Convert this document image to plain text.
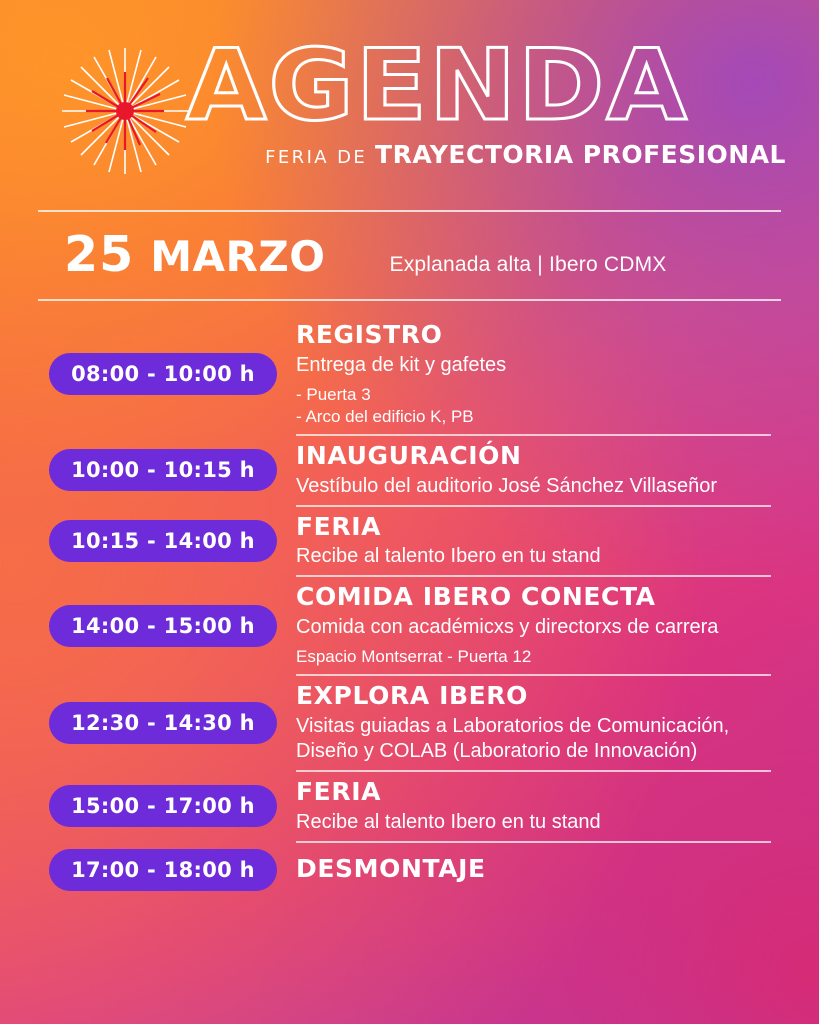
AGENDA
FERIA DE TRAYECTORIA PROFESIONAL
25 MARZO	Explanada alta | Ibero CDMX
08:00 - 10:00 h
REGISTRO
Entrega de kit y gafetes
- Puerta 3
- Arco del edificio K, PB
10:00 - 10:15 h
INAUGURACIÓN
Vestíbulo del auditorio José Sánchez Villaseñor
10:15 - 14:00 h
FERIA
Recibe al talento Ibero en tu stand
14:00 - 15:00 h
COMIDA IBERO CONECTA
Comida con académicxs y directorxs de carrera
Espacio Montserrat - Puerta 12
12:30 - 14:30 h
EXPLORA IBERO
Visitas guiadas a Laboratorios de Comunicación, Diseño y COLAB (Laboratorio de Innovación)
15:00 - 17:00 h
FERIA
Recibe al talento Ibero en tu stand
17:00 - 18:00 h	DESMONTAJE
